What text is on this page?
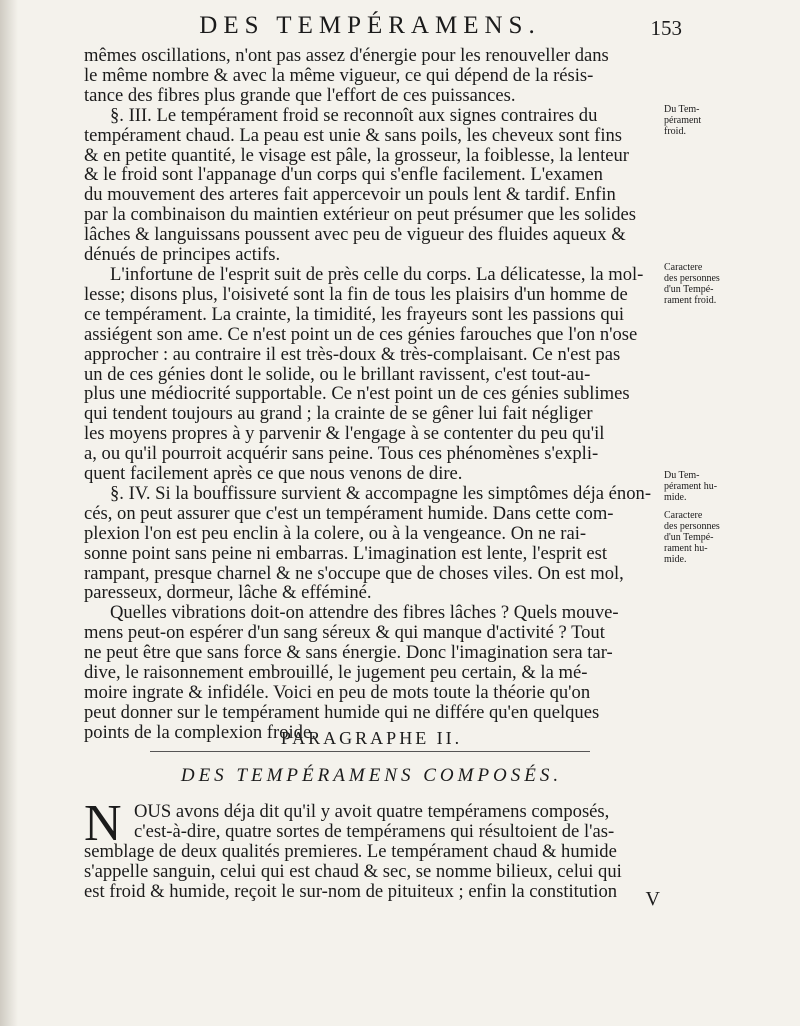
DES TEMPÉRAMENS.	153
mêmes oscillations, n'ont pas assez d'énergie pour les renouveller dans
le même nombre & avec la même vigueur, ce qui dépend de la résis-
tance des fibres plus grande que l'effort de ces puissances.
§. III. Le tempérament froid se reconnoît aux signes contraires du
tempérament chaud. La peau est unie & sans poils, les cheveux sont fins
& en petite quantité, le visage est pâle, la grosseur, la foiblesse, la lenteur
& le froid sont l'appanage d'un corps qui s'enfle facilement. L'examen
du mouvement des arteres fait appercevoir un pouls lent & tardif. Enfin
par la combinaison du maintien extérieur on peut présumer que les solides
lâches & languissans poussent avec peu de vigueur des fluides aqueux &
dénués de principes actifs.
L'infortune de l'esprit suit de près celle du corps. La délicatesse, la mol-
lesse; disons plus, l'oisiveté sont la fin de tous les plaisirs d'un homme de
ce tempérament. La crainte, la timidité, les frayeurs sont les passions qui
assiégent son ame. Ce n'est point un de ces génies farouches que l'on n'ose
approcher : au contraire il est très-doux & très-complaisant. Ce n'est pas
un de ces génies dont le solide, ou le brillant ravissent, c'est tout-au-
plus une médiocrité supportable. Ce n'est point un de ces génies sublimes
qui tendent toujours au grand ; la crainte de se gêner lui fait négliger
les moyens propres à y parvenir & l'engage à se contenter du peu qu'il
a, ou qu'il pourroit acquérir sans peine. Tous ces phénomènes s'expli-
quent facilement après ce que nous venons de dire.
§. IV. Si la bouffissure survient & accompagne les simptômes déja énon-
cés, on peut assurer que c'est un tempérament humide. Dans cette com-
plexion l'on est peu enclin à la colere, ou à la vengeance. On ne rai-
sonne point sans peine ni embarras. L'imagination est lente, l'esprit est
rampant, presque charnel & ne s'occupe que de choses viles. On est mol,
paresseux, dormeur, lâche & efféminé.
Quelles vibrations doit-on attendre des fibres lâches ? Quels mouve-
mens peut-on espérer d'un sang séreux & qui manque d'activité ? Tout
ne peut être que sans force & sans énergie. Donc l'imagination sera tar-
dive, le raisonnement embrouillé, le jugement peu certain, & la mé-
moire ingrate & infidéle. Voici en peu de mots toute la théorie qu'on
peut donner sur le tempérament humide qui ne différe qu'en quelques
points de la complexion froide.
Du Tem-
pérament
froid.
Caractere
des personnes
d'un Tempé-
rament froid.
Du Tem-
pérament hu-
mide.
Caractere
des personnes
d'un Tempé-
rament hu-
mide.
PARAGRAPHE II.
DES TEMPÉRAMENS COMPOSÉS.
N OUS avons déja dit qu'il y avoit quatre tempéramens composés,
c'est-à-dire, quatre sortes de tempéramens qui résultoient de l'as-
semblage de deux qualités premieres. Le tempérament chaud & humide
s'appelle sanguin, celui qui est chaud & sec, se nomme bilieux, celui qui
est froid & humide, reçoit le sur-nom de pituiteux ; enfin la constitution	V
